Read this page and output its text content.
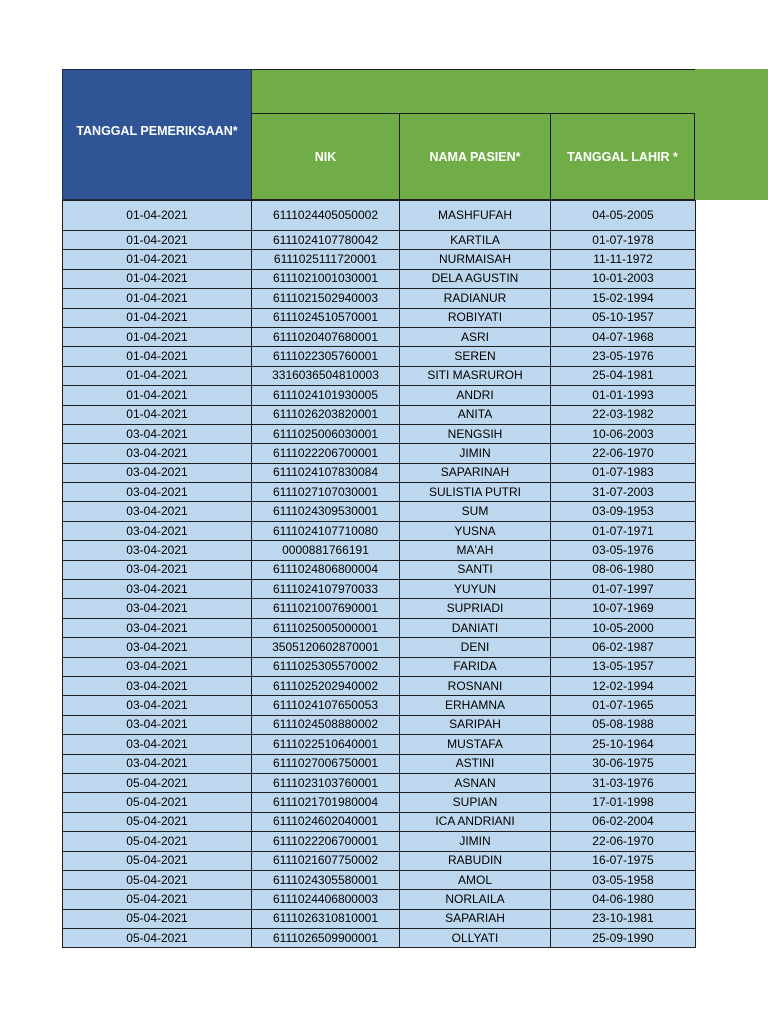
TANGGAL PEMERIKSAAN*
NIK	NAMA PASIEN*	TANGGAL LAHIR *
01-04-2021	6111024405050002	MASHFUFAH	04-05-2005
01-04-2021	6111024107780042	KARTILA	01-07-1978
01-04-2021	6111025111720001	NURMAISAH	11-11-1972
01-04-2021	6111021001030001	DELA AGUSTIN	10-01-2003
01-04-2021	6111021502940003	RADIANUR	15-02-1994
01-04-2021	6111024510570001	ROBIYATI	05-10-1957
01-04-2021	6111020407680001	ASRI	04-07-1968
01-04-2021	6111022305760001	SEREN	23-05-1976
01-04-2021	3316036504810003	SITI MASRUROH	25-04-1981
01-04-2021	6111024101930005	ANDRI	01-01-1993
01-04-2021	6111026203820001	ANITA	22-03-1982
03-04-2021	6111025006030001	NENGSIH	10-06-2003
03-04-2021	6111022206700001	JIMIN	22-06-1970
03-04-2021	6111024107830084	SAPARINAH	01-07-1983
03-04-2021	6111027107030001	SULISTIA PUTRI	31-07-2003
03-04-2021	6111024309530001	SUM	03-09-1953
03-04-2021	6111024107710080	YUSNA	01-07-1971
03-04-2021	0000881766191	MA'AH	03-05-1976
03-04-2021	6111024806800004	SANTI	08-06-1980
03-04-2021	6111024107970033	YUYUN	01-07-1997
03-04-2021	6111021007690001	SUPRIADI	10-07-1969
03-04-2021	6111025005000001	DANIATI	10-05-2000
03-04-2021	3505120602870001	DENI	06-02-1987
03-04-2021	6111025305570002	FARIDA	13-05-1957
03-04-2021	6111025202940002	ROSNANI	12-02-1994
03-04-2021	6111024107650053	ERHAMNA	01-07-1965
03-04-2021	6111024508880002	SARIPAH	05-08-1988
03-04-2021	6111022510640001	MUSTAFA	25-10-1964
03-04-2021	6111027006750001	ASTINI	30-06-1975
05-04-2021	6111023103760001	ASNAN	31-03-1976
05-04-2021	6111021701980004	SUPIAN	17-01-1998
05-04-2021	6111024602040001	ICA ANDRIANI	06-02-2004
05-04-2021	6111022206700001	JIMIN	22-06-1970
05-04-2021	6111021607750002	RABUDIN	16-07-1975
05-04-2021	6111024305580001	AMOL	03-05-1958
05-04-2021	6111024406800003	NORLAILA	04-06-1980
05-04-2021	6111026310810001	SAPARIAH	23-10-1981
05-04-2021	6111026509900001	OLLYATI	25-09-1990
